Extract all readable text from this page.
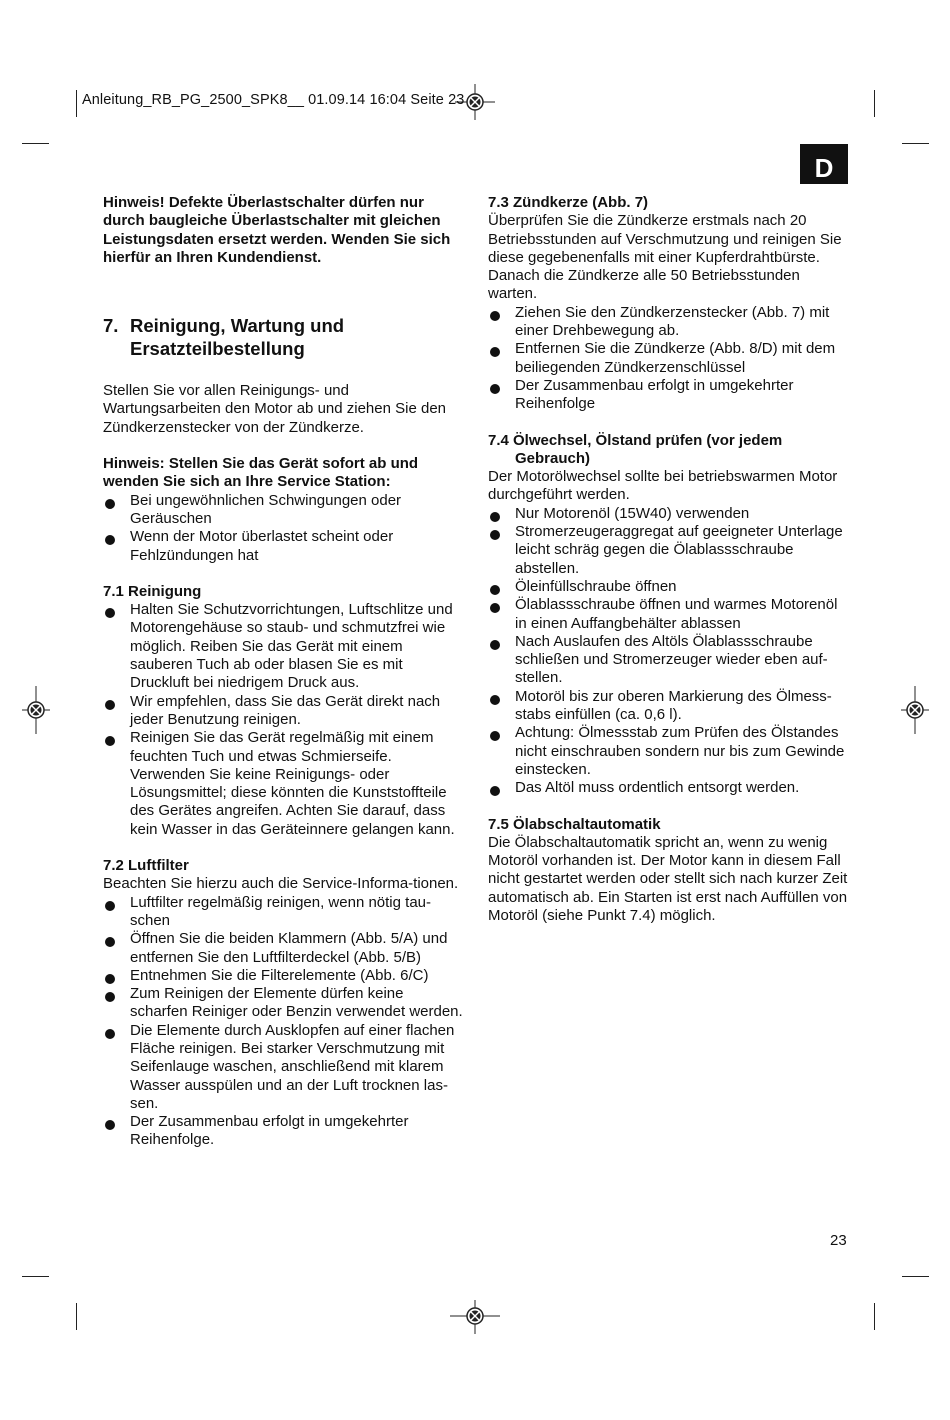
Anleitung_RB_PG_2500_SPK8__ 01.09.14 16:04 Seite 23
D

Hinweis! Defekte Überlastschalter dürfen nur durch baugleiche Überlastschalter mit gleichen Leistungsdaten ersetzt werden. Wenden Sie sich hierfür an Ihren Kundendienst.

7. Reinigung, Wartung und Ersatzteilbestellung

Stellen Sie vor allen Reinigungs- und Wartungsarbeiten den Motor ab und ziehen Sie den Zündkerzenstecker von der Zündkerze.

Hinweis: Stellen Sie das Gerät sofort ab und wenden Sie sich an Ihre Service Station:

Bei ungewöhnlichen Schwingungen oder Geräuschen
Wenn der Motor überlastet scheint oder Fehlzündungen hat
7.1 Reinigung
Halten Sie Schutzvorrichtungen, Luftschlitze und Motorengehäuse so staub- und schmutzfrei wie möglich. Reiben Sie das Gerät mit einem sauberen Tuch ab oder blasen Sie es mit Druckluft bei niedrigem Druck aus.
Wir empfehlen, dass Sie das Gerät direkt nach jeder Benutzung reinigen.
Reinigen Sie das Gerät regelmäßig mit einem feuchten Tuch und etwas Schmierseife. Verwenden Sie keine Reinigungs- oder Lösungsmittel; diese könnten die Kunststoffteile des Gerätes angreifen. Achten Sie darauf, dass kein Wasser in das Geräteinnere gelangen kann.
7.2 Luftfilter

Beachten Sie hierzu auch die Service-Informa-tionen.

Luftfilter regelmäßig reinigen, wenn nötig tau-schen
Öffnen Sie die beiden Klammern (Abb. 5/A) und entfernen Sie den Luftfilterdeckel (Abb. 5/B)
Entnehmen Sie die Filterelemente (Abb. 6/C)
Zum Reinigen der Elemente dürfen keine scharfen Reiniger oder Benzin verwendet werden.
Die Elemente durch Ausklopfen auf einer flachen Fläche reinigen. Bei starker Verschmutzung mit Seifenlauge waschen, anschließend mit klarem Wasser ausspülen und an der Luft trocknen las-sen.
Der Zusammenbau erfolgt in umgekehrter Reihenfolge.
7.3 Zündkerze (Abb. 7)

Überprüfen Sie die Zündkerze erstmals nach 20 Betriebsstunden auf Verschmutzung und reinigen Sie diese gegebenenfalls mit einer Kupferdrahtbürste. Danach die Zündkerze alle 50 Betriebsstunden warten.

Ziehen Sie den Zündkerzenstecker (Abb. 7) mit einer Drehbewegung ab.
Entfernen Sie die Zündkerze (Abb. 8/D) mit dem beiliegenden Zündkerzenschlüssel
Der Zusammenbau erfolgt in umgekehrter Reihenfolge
7.4 Ölwechsel, Ölstand prüfen (vor jedem
Gebrauch)

Der Motorölwechsel sollte bei betriebswarmen Motor durchgeführt werden.

Nur Motorenöl (15W40) verwenden
Stromerzeugeraggregat auf geeigneter Unterlage leicht schräg gegen die Ölablassschraube abstellen.
Öleinfüllschraube öffnen
Ölablassschraube öffnen und warmes Motorenöl in einen Auffangbehälter ablassen
Nach Auslaufen des Altöls Ölablassschraube schließen und Stromerzeuger wieder eben auf-stellen.
Motoröl bis zur oberen Markierung des Ölmess-stabs einfüllen (ca. 0,6 l).
Achtung: Ölmessstab zum Prüfen des Ölstandes nicht einschrauben sondern nur bis zum Gewinde einstecken.
Das Altöl muss ordentlich entsorgt werden.
7.5 Ölabschaltautomatik

Die Ölabschaltautomatik spricht an, wenn zu wenig Motoröl vorhanden ist. Der Motor kann in diesem Fall nicht gestartet werden oder stellt sich nach kurzer Zeit automatisch ab. Ein Starten ist erst nach Auffüllen von Motoröl (siehe Punkt 7.4) möglich.

23
